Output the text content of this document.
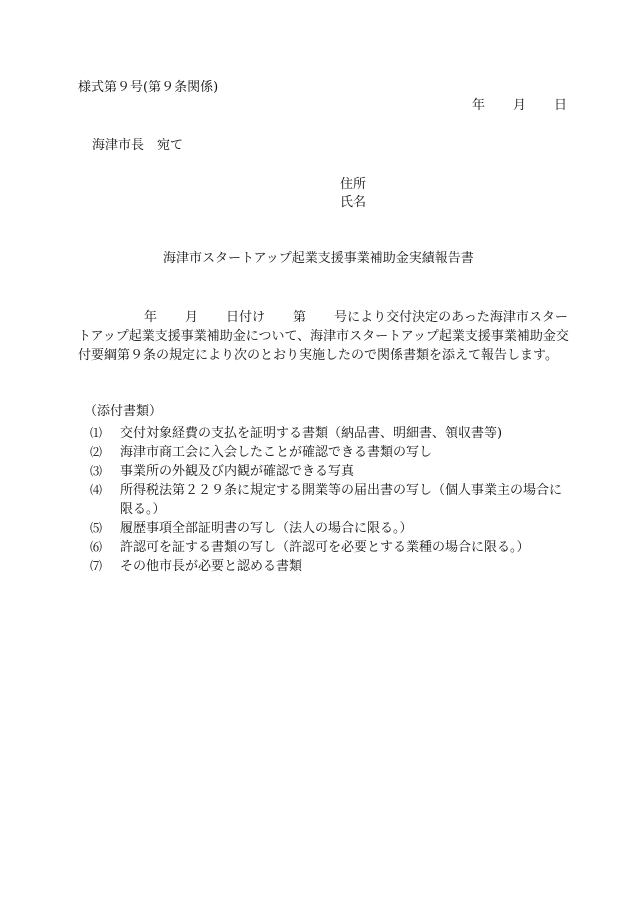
様式第９号(第９条関係)
年 月 日
海津市長　宛て
住所
氏名
海津市スタートアップ起業支援事業補助金実績報告書
年 月 日付け 第 号により交付決定のあった海津市スタートアップ起業支援事業補助金について、海津市スタートアップ起業支援事業補助金交付要綱第９条の規定により次のとおり実施したので関係書類を添えて報告します。
（添付書類）
⑴	交付対象経費の支払を証明する書類（納品書、明細書、領収書等)
⑵	海津市商工会に入会したことが確認できる書類の写し
⑶	事業所の外観及び内観が確認できる写真
⑷	所得税法第２２９条に規定する開業等の届出書の写し（個人事業主の場合に限る。）
⑸	履歴事項全部証明書の写し（法人の場合に限る。）
⑹	許認可を証する書類の写し（許認可を必要とする業種の場合に限る。）
⑺	その他市長が必要と認める書類
